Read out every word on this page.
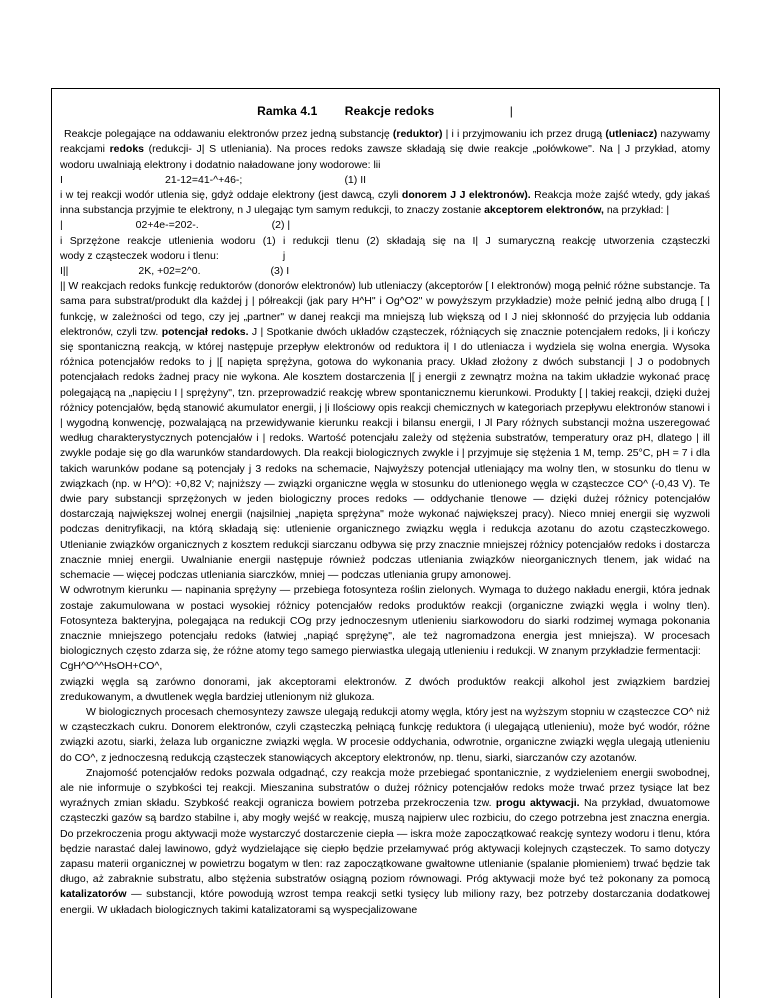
Ramka 4.1 Reakcje redoks	|

Reakcje polegające na oddawaniu elektronów przez jedną substancję (reduktor) | i i przyjmowaniu ich przez drugą (utleniacz) nazywamy reakcjami redoks (redukcji- J| S utleniania). Na proces redoks zawsze składają się dwie reakcje „połówkowe". Na | J przykład, atomy wodoru uwalniają elektrony i dodatnio naładowane jony wodorowe: lii

I                                   21-12=41-^+46-;                                   (1) II

i w tej reakcji wodór utlenia się, gdyż oddaje elektrony (jest dawcą, czyli donorem J J elektronów). Reakcja może zajść wtedy, gdy jakaś inna substancja przyjmie te elektrony, n J ulegając tym samym redukcji, to znaczy zostanie akceptorem elektronów, na przykład: |

|                         02+4e-=202-.                         (2) |

i Sprzężone reakcje utlenienia wodoru (1) i redukcji tlenu (2) składają się na I| J sumaryczną reakcję utworzenia cząsteczki wody z cząsteczek wodoru i tlenu:                      j

I||                        2K, +02=2^0.                        (3) I

|| W reakcjach redoks funkcję reduktorów (donorów elektronów) lub utleniaczy (akceptorów [ I elektronów) mogą pełnić różne substancje. Ta sama para substrat/produkt dla każdej j | półreakcji (jak pary H^H" i Og^O2" w powyższym przykładzie) może pełnić jedną albo drugą [ | funkcję, w zależności od tego, czy jej „partner" w danej reakcji ma mniejszą lub większą od I J niej skłonność do przyjęcia lub oddania elektronów, czyli tzw. potencjał redoks. J | Spotkanie dwóch układów cząsteczek, różniących się znacznie potencjałem redoks, |i i kończy się spontaniczną reakcją, w której następuje przepływ elektronów od reduktora i| I do utleniacza i wydziela się wolna energia. Wysoka różnica potencjałów redoks to j |[ napięta sprężyna, gotowa do wykonania pracy. Układ złożony z dwóch substancji | J o podobnych potencjałach redoks żadnej pracy nie wykona. Ale kosztem dostarczenia |[ j energii z zewnątrz można na takim układzie wykonać pracę polegającą na „napięciu I | sprężyny", tzn. przeprowadzić reakcję wbrew spontanicznemu kierunkowi. Produkty [ | takiej reakcji, dzięki dużej różnicy potencjałów, będą stanowić akumulator energii, j |i Ilościowy opis reakcji chemicznych w kategoriach przepływu elektronów stanowi i | wygodną konwencję, pozwalającą na przewidywanie kierunku reakcji i bilansu energii, I Jl Pary różnych substancji można uszeregować według charakterystycznych potencjałów i | redoks. Wartość potencjału zależy od stężenia substratów, temperatury oraz pH, dlatego | ill zwykle podaje się go dla warunków standardowych. Dla reakcji biologicznych zwykle i | przyjmuje się stężenia 1 M, temp. 25°C, pH = 7 i dla takich warunków podane są potencjały j 3 redoks na schemacie, Najwyższy potencjał utleniający ma wolny tlen, w stosunku do tlenu w związkach (np. w H^O): +0,82 V; najniższy — związki organiczne węgla w stosunku do utlenionego węgla w cząsteczce CO^ (-0,43 V). Te dwie pary substancji sprzężonych w jeden biologiczny proces redoks — oddychanie tlenowe — dzięki dużej różnicy potencjałów dostarczają największej wolnej energii (najsilniej „napięta sprężyna" może wykonać największej pracy). Nieco mniej energii się wyzwoli podczas denitryfikacji, na którą składają się: utlenienie organicznego związku węgla i redukcja azotanu do azotu cząsteczkowego. Utlenianie związków organicznych z kosztem redukcji siarczanu odbywa się przy znacznie mniejszej różnicy potencjałów redoks i dostarcza znacznie mniej energii. Uwalnianie energii następuje również podczas utleniania związków nieorganicznych tlenem, jak widać na schemacie — więcej podczas utleniania siarczków, mniej — podczas utleniania grupy amonowej.

W odwrotnym kierunku — napinania sprężyny — przebiega fotosynteza roślin zielonych. Wymaga to dużego nakładu energii, która jednak zostaje zakumulowana w postaci wysokiej różnicy potencjałów redoks produktów reakcji (organiczne związki węgla i wolny tlen). Fotosynteza bakteryjna, polegająca na redukcji COg przy jednoczesnym utlenieniu siarkowodoru do siarki rodzimej wymaga pokonania znacznie mniejszego potencjału redoks (łatwiej „napiąć sprężynę", ale też nagromadzona energia jest mniejsza). W procesach biologicznych często zdarza się, że różne atomy tego samego pierwiastka ulegają utlenieniu i redukcji. W znanym przykładzie fermentacji:

CgH^O^^HsOH+CO^,

związki węgla są zarówno donorami, jak akceptorami elektronów. Z dwóch produktów reakcji alkohol jest związkiem bardziej zredukowanym, a dwutlenek węgla bardziej utlenionym niż glukoza.

W biologicznych procesach chemosyntezy zawsze ulegają redukcji atomy węgla, który jest na wyższym stopniu w cząsteczce CO^ niż w cząsteczkach cukru. Donorem elektronów, czyli cząsteczką pełniącą funkcję reduktora (i ulegającą utlenieniu), może być wodór, różne związki azotu, siarki, żelaza lub organiczne związki węgla. W procesie oddychania, odwrotnie, organiczne związki węgla ulegają utlenieniu do CO^, z jednoczesną redukcją cząsteczek stanowiących akceptory elektronów, np. tlenu, siarki, siarczanów czy azotanów.

Znajomość potencjałów redoks pozwala odgadnąć, czy reakcja może przebiegać spontanicznie, z wydzieleniem energii swobodnej, ale nie informuje o szybkości tej reakcji. Mieszanina substratów o dużej różnicy potencjałów redoks może trwać przez tysiące lat bez wyraźnych zmian składu. Szybkość reakcji ogranicza bowiem potrzeba przekroczenia tzw. progu aktywacji. Na przykład, dwuatomowe cząsteczki gazów są bardzo stabilne i, aby mogły wejść w reakcję, muszą najpierw ulec rozbiciu, do czego potrzebna jest znaczna energia. Do przekroczenia progu aktywacji może wystarczyć dostarczenie ciepła — iskra może zapoczątkować reakcję syntezy wodoru i tlenu, która będzie narastać dalej lawinowo, gdyż wydzielające się ciepło będzie przełamywać próg aktywacji kolejnych cząsteczek. To samo dotyczy zapasu materii organicznej w powietrzu bogatym w tlen: raz zapoczątkowane gwałtowne utlenianie (spalanie płomieniem) trwać będzie tak długo, aż zabraknie substratu, albo stężenia substratów osiągną poziom równowagi. Próg aktywacji może być też pokonany za pomocą katalizatorów — substancji, które powodują wzrost tempa reakcji setki tysięcy lub miliony razy, bez potrzeby dostarczania dodatkowej energii. W układach biologicznych takimi katalizatorami są wyspecjalizowane
